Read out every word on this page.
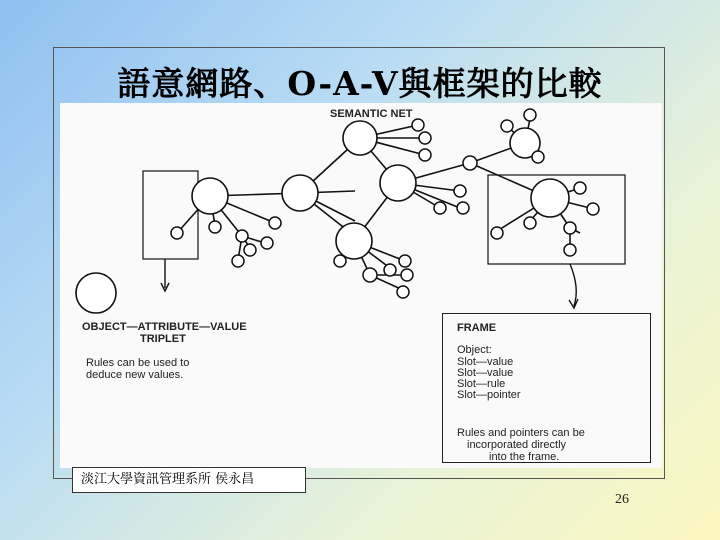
語意網路、O-A-V與框架的比較

SEMANTIC NET

OBJECT—ATTRIBUTE—VALUE

TRIPLET

Rules can be used to

deduce new values.

FRAME

Object:

Slot—value

Slot—value

Slot—rule

Slot—pointer

Rules and pointers can be

incorporated directly

into the frame.

淡江大學資訊管理系所 侯永昌
26
